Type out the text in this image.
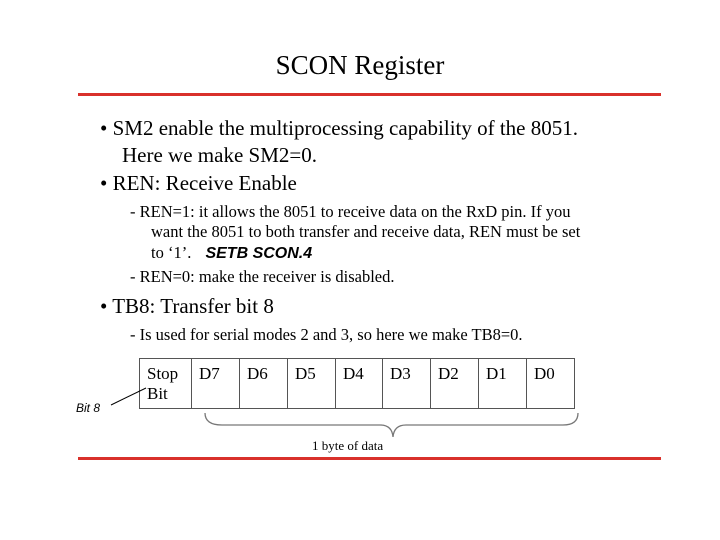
SCON Register
• SM2 enable the multiprocessing capability of the 8051.
Here we make SM2=0.
• REN: Receive Enable
- REN=1: it allows the 8051 to receive data on the RxD pin. If you
want the 8051 to both transfer and receive data, REN must be set
to ‘1’. SETB SCON.4
- REN=0: make the receiver is disabled.
• TB8: Transfer bit 8
- Is used for serial modes 2 and 3, so here we make TB8=0.
Stop Bit	D7	D6	D5	D4	D3	D2	D1	D0
Bit 8
1 byte of data
